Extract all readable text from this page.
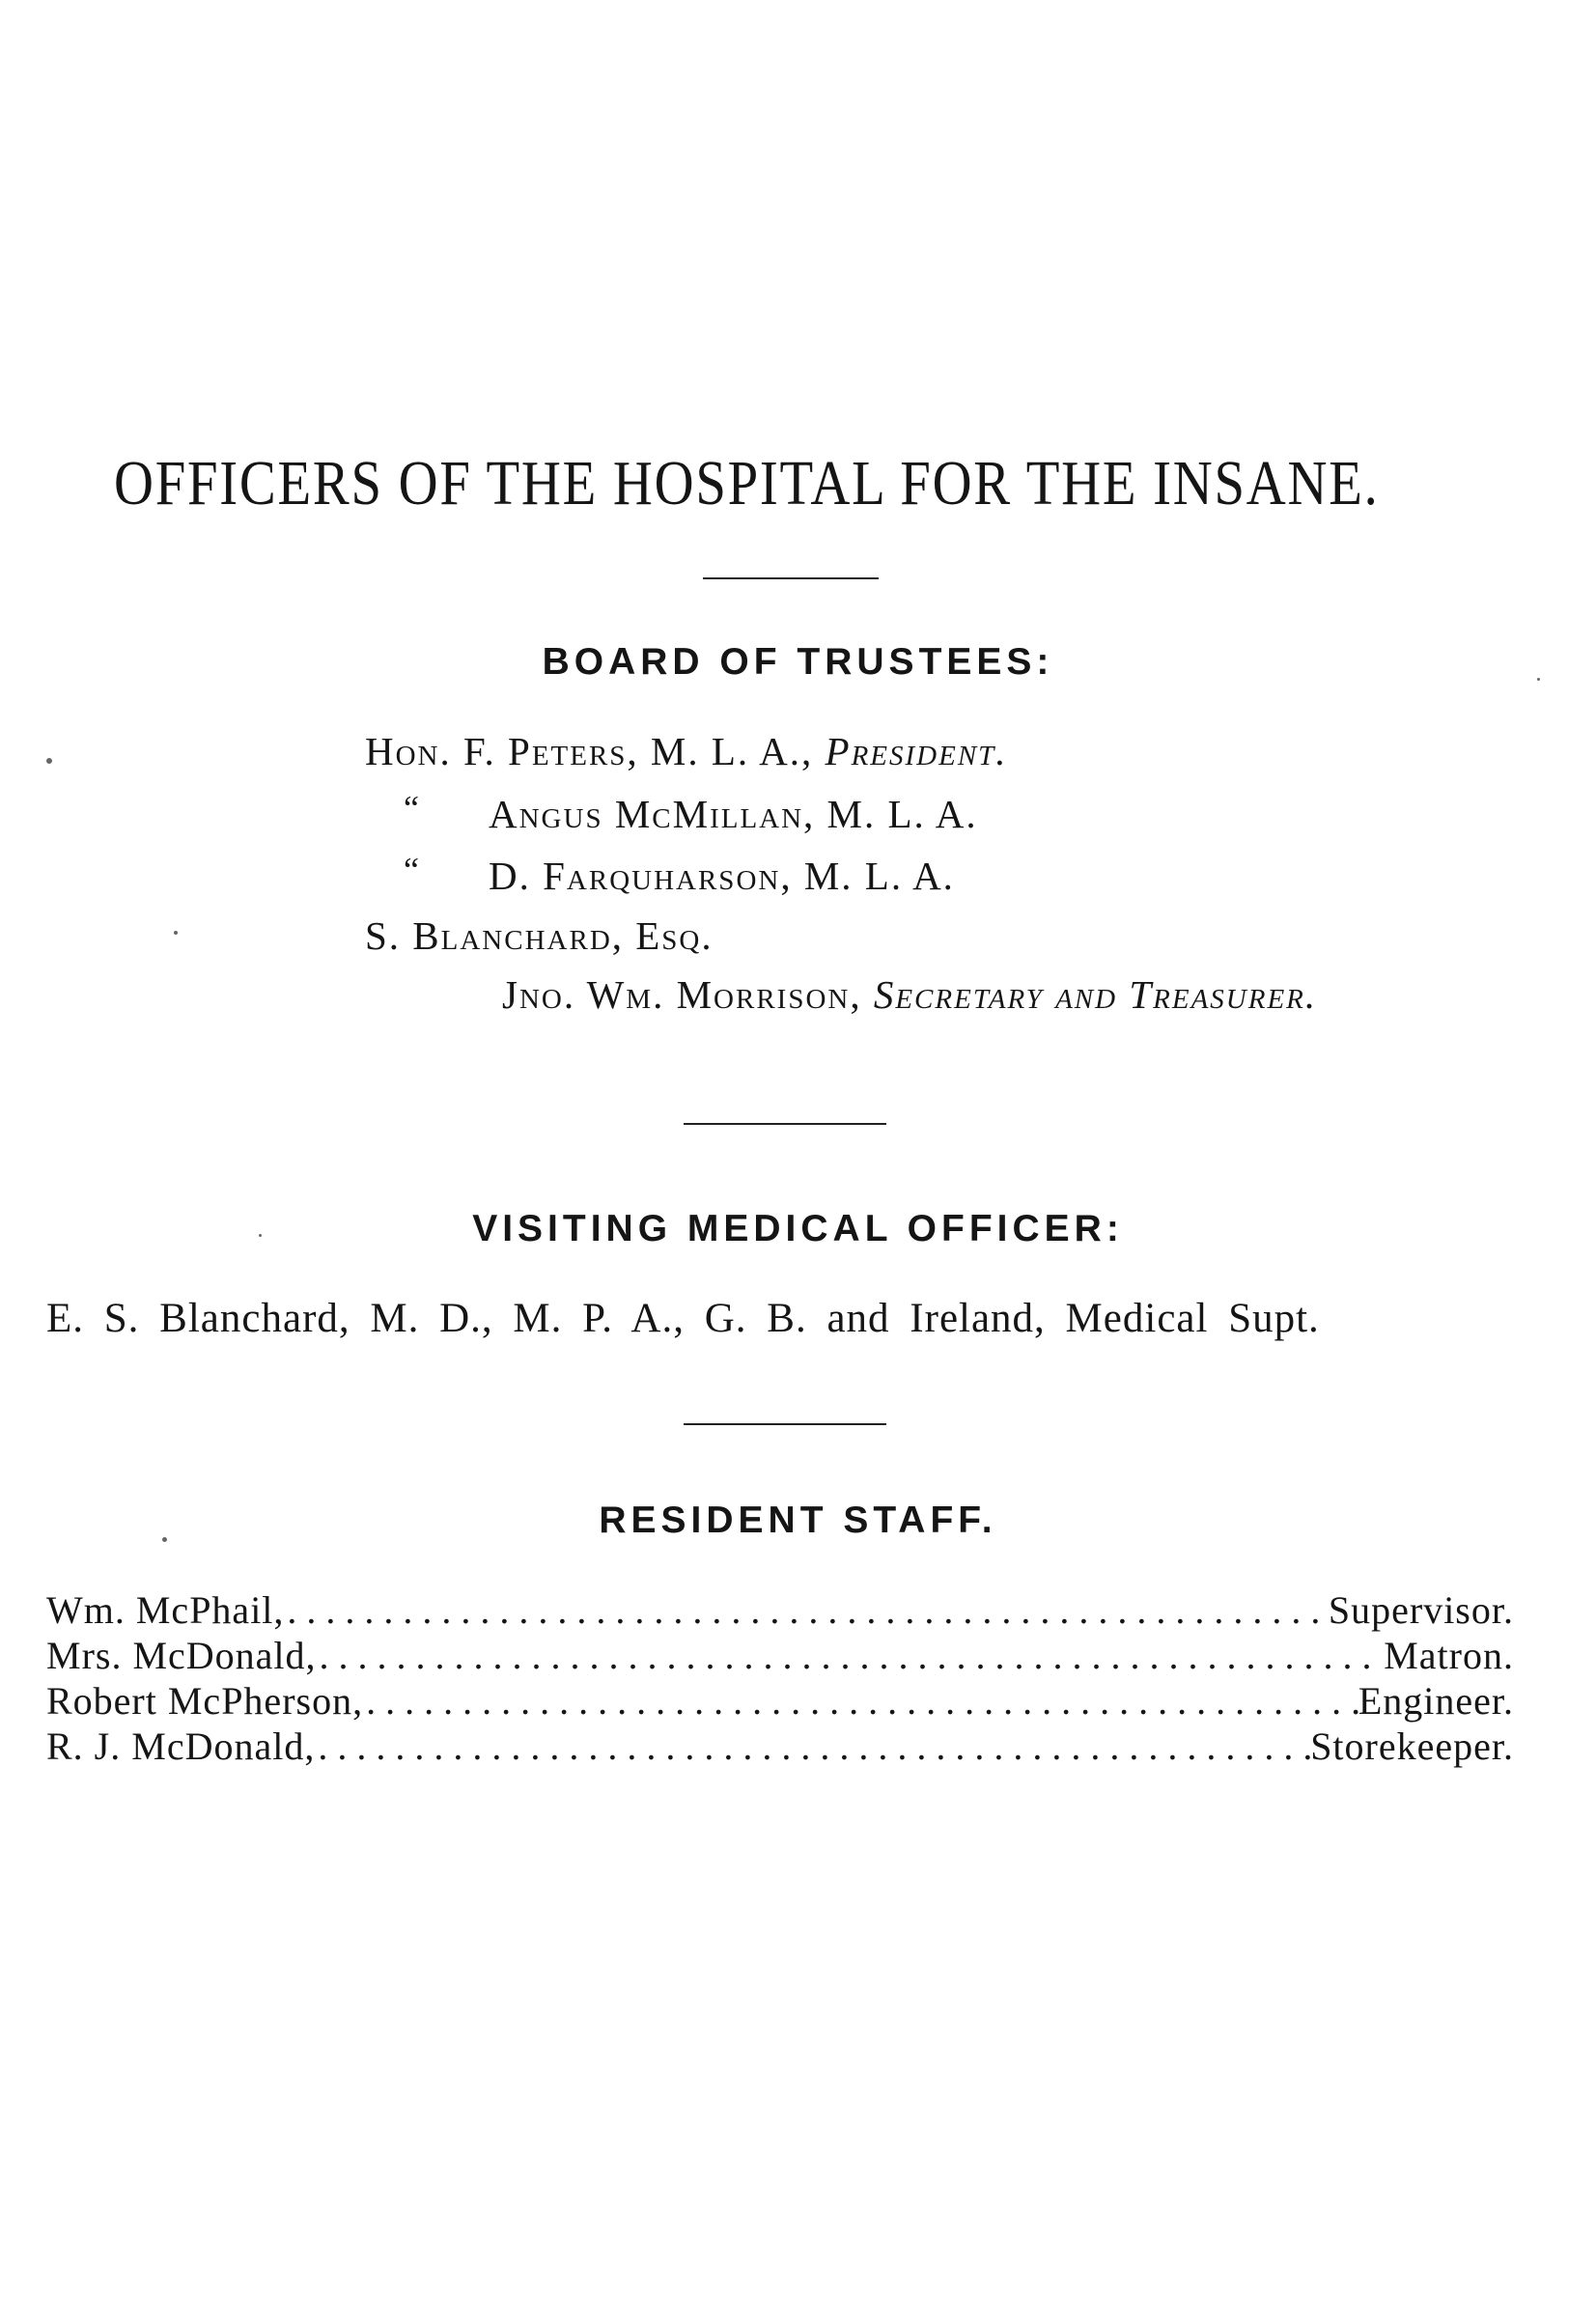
OFFICERS OF THE HOSPITAL FOR THE INSANE.
BOARD OF TRUSTEES:
Hon. F. Peters, M. L. A., President.
“ Angus McMillan, M. L. A.
“ D. Farquharson, M. L. A.
S. Blanchard, Esq.
Jno. Wm. Morrison, Secretary and Treasurer.
VISITING MEDICAL OFFICER:
E. S. Blanchard, M. D., M. P. A., G. B. and Ireland, Medical Supt.
RESIDENT STAFF.
Wm. McPhail, . . .	Supervisor.
Mrs. McDonald, . . .	Matron.
Robert McPherson, . . .	Engineer.
R. J. McDonald, . . .	Storekeeper.
